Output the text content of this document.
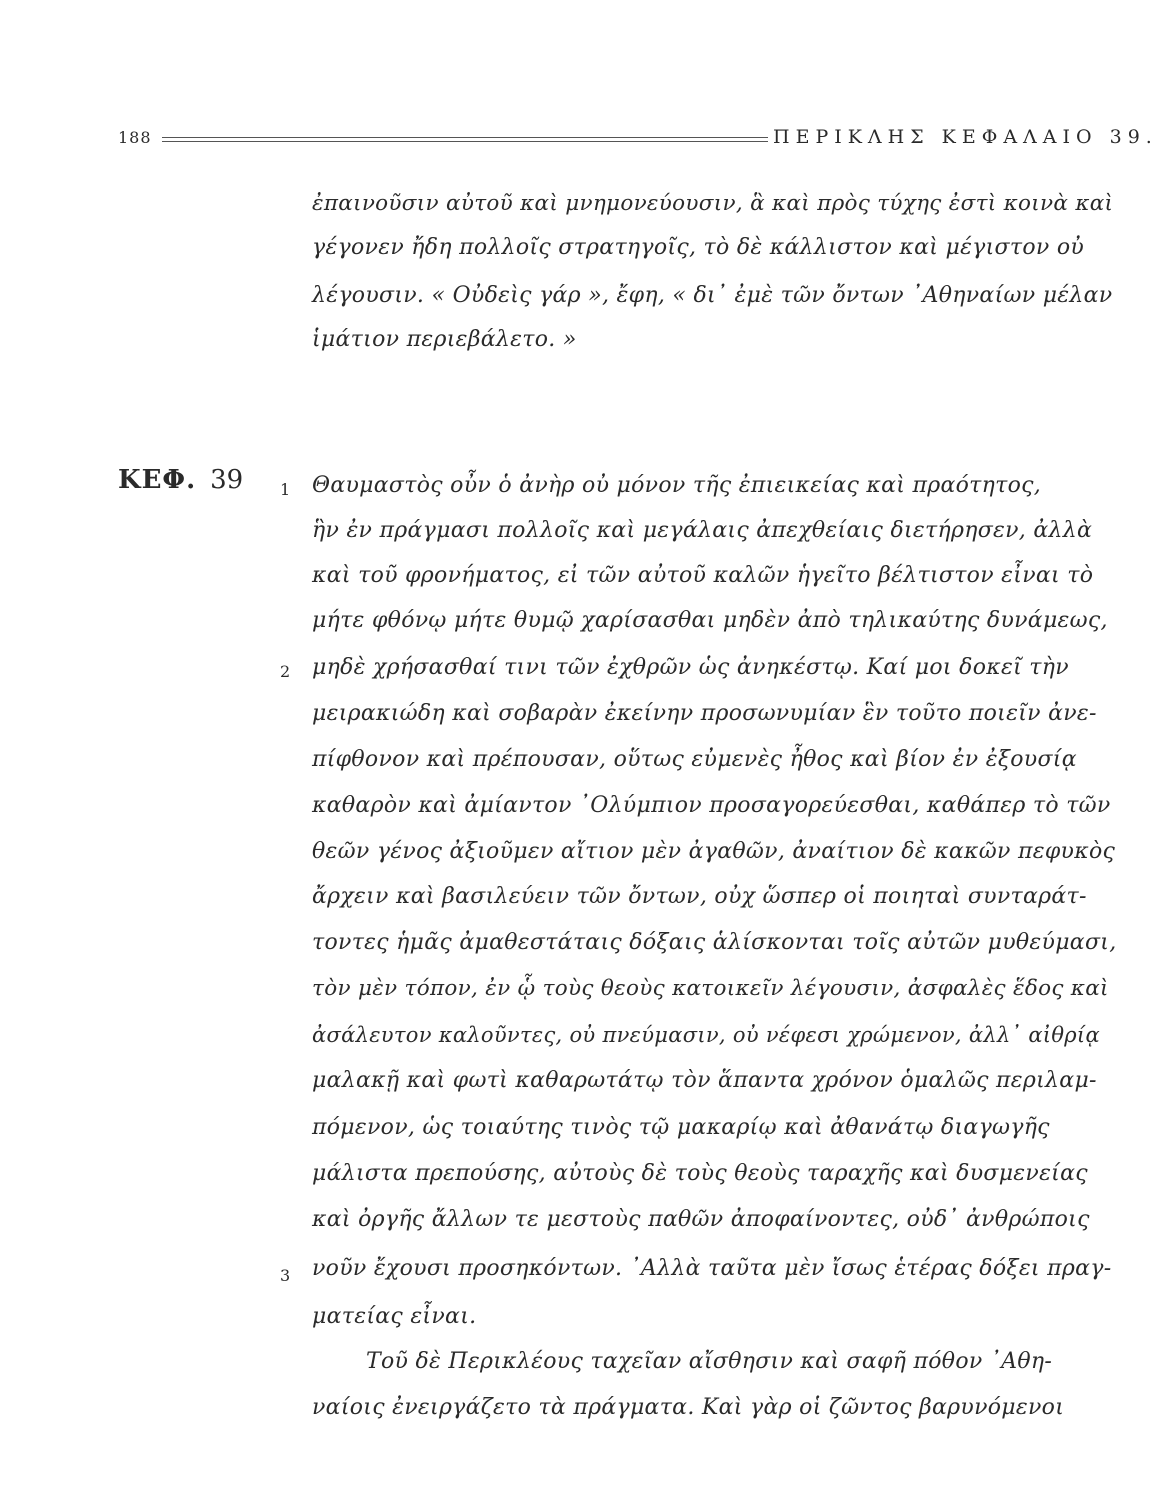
188	ΠΕΡΙΚΛΗΣ ΚΕΦΑΛΑΙΟ 39.
ΚΕΦ. 39 1
2
3
ἐπαινοῦσιν αὐτοῦ καὶ μνημονεύουσιν, ἃ καὶ πρὸς τύχης ἐστὶ κοινὰ καὶ
γέγονεν ἤδη πολλοῖς στρατηγοῖς, τὸ δὲ κάλλιστον καὶ μέγιστον οὐ
λέγουσιν. « Οὐδεὶς γάρ », ἔφη, « δι᾽ ἐμὲ τῶν ὄντων ᾽Αθηναίων μέλαν
ἱμάτιον περιεβάλετο. »
Θαυμαστὸς οὖν ὁ ἀνὴρ οὐ μόνον τῆς ἐπιεικείας καὶ πραότητος,
ἣν ἐν πράγμασι πολλοῖς καὶ μεγάλαις ἀπεχθείαις διετήρησεν, ἀλλὰ
καὶ τοῦ φρονήματος, εἰ τῶν αὐτοῦ καλῶν ἡγεῖτο βέλτιστον εἶναι τὸ
μήτε φθόνῳ μήτε θυμῷ χαρίσασθαι μηδὲν ἀπὸ τηλικαύτης δυνάμεως,
μηδὲ χρήσασθαί τινι τῶν ἐχθρῶν ὡς ἀνηκέστῳ. Καί μοι δοκεῖ τὴν
μειρακιώδη καὶ σοβαρὰν ἐκείνην προσωνυμίαν ἓν τοῦτο ποιεῖν ἀνε-
πίφθονον καὶ πρέπουσαν, οὕτως εὐμενὲς ἦθος καὶ βίον ἐν ἐξουσίᾳ
καθαρὸν καὶ ἀμίαντον ᾽Ολύμπιον προσαγορεύεσθαι, καθάπερ τὸ τῶν
θεῶν γένος ἀξιοῦμεν αἴτιον μὲν ἀγαθῶν, ἀναίτιον δὲ κακῶν πεφυκὸς
ἄρχειν καὶ βασιλεύειν τῶν ὄντων, οὐχ ὥσπερ οἱ ποιηταὶ συνταράτ-
τοντες ἡμᾶς ἀμαθεστάταις δόξαις ἁλίσκονται τοῖς αὐτῶν μυθεύμασι,
τὸν μὲν τόπον, ἐν ᾧ τοὺς θεοὺς κατοικεῖν λέγουσιν, ἀσφαλὲς ἕδος καὶ
ἀσάλευτον καλοῦντες, οὐ πνεύμασιν, οὐ νέφεσι χρώμενον, ἀλλ᾽ αἰθρίᾳ
μαλακῇ καὶ φωτὶ καθαρωτάτῳ τὸν ἅπαντα χρόνον ὁμαλῶς περιλαμ-
πόμενον, ὡς τοιαύτης τινὸς τῷ μακαρίῳ καὶ ἀθανάτῳ διαγωγῆς
μάλιστα πρεπούσης, αὐτοὺς δὲ τοὺς θεοὺς ταραχῆς καὶ δυσμενείας
καὶ ὀργῆς ἄλλων τε μεστοὺς παθῶν ἀποφαίνοντες, οὐδ᾽ ἀνθρώποις
νοῦν ἔχουσι προσηκόντων. ᾽Αλλὰ ταῦτα μὲν ἴσως ἑτέρας δόξει πραγ-
ματείας εἶναι.
Τοῦ δὲ Περικλέους ταχεῖαν αἴσθησιν καὶ σαφῆ πόθον ᾽Αθη-
ναίοις ἐνειργάζετο τὰ πράγματα. Καὶ γὰρ οἱ ζῶντος βαρυνόμενοι
